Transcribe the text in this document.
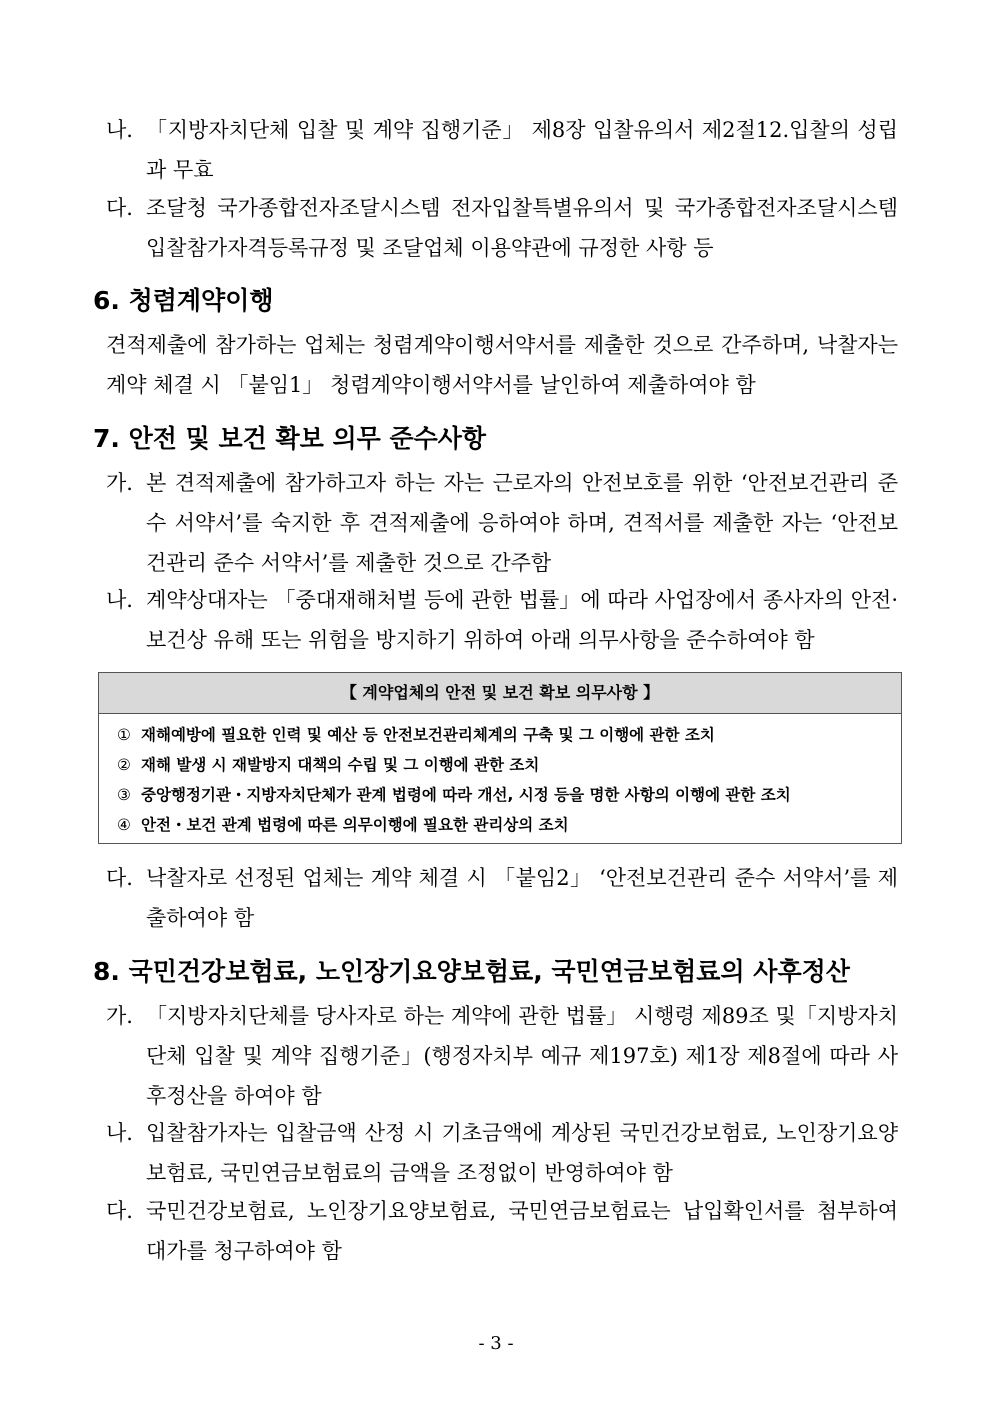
나. 「지방자치단체 입찰 및 계약 집행기준」 제8장 입찰유의서 제2절12.입찰의 성립과 무효
다. 조달청 국가종합전자조달시스템 전자입찰특별유의서 및 국가종합전자조달시스템 입찰참가자격등록규정 및 조달업체 이용약관에 규정한 사항 등
6. 청렴계약이행
견적제출에 참가하는 업체는 청렴계약이행서약서를 제출한 것으로 간주하며, 낙찰자는 계약 체결 시 「붙임1」 청렴계약이행서약서를 날인하여 제출하여야 함
7. 안전 및 보건 확보 의무 준수사항
가. 본 견적제출에 참가하고자 하는 자는 근로자의 안전보호를 위한 ‘안전보건관리 준수 서약서’를 숙지한 후 견적제출에 응하여야 하며, 견적서를 제출한 자는 ‘안전보건관리 준수 서약서’를 제출한 것으로 간주함
나. 계약상대자는 「중대재해처벌 등에 관한 법률」에 따라 사업장에서 종사자의 안전·보건상 유해 또는 위험을 방지하기 위하여 아래 의무사항을 준수하여야 함
【 계약업체의 안전 및 보건 확보 의무사항 】
① 재해예방에 필요한 인력 및 예산 등 안전보건관리체계의 구축 및 그 이행에 관한 조치
② 재해 발생 시 재발방지 대책의 수립 및 그 이행에 관한 조치
③ 중앙행정기관・지방자치단체가 관계 법령에 따라 개선, 시정 등을 명한 사항의 이행에 관한 조치
④ 안전・보건 관계 법령에 따른 의무이행에 필요한 관리상의 조치
다. 낙찰자로 선정된 업체는 계약 체결 시 「붙임2」 ‘안전보건관리 준수 서약서’를 제출하여야 함
8. 국민건강보험료, 노인장기요양보험료, 국민연금보험료의 사후정산
가. 「지방자치단체를 당사자로 하는 계약에 관한 법률」 시행령 제89조 및「지방자치단체 입찰 및 계약 집행기준」(행정자치부 예규 제197호) 제1장 제8절에 따라 사후정산을 하여야 함
나. 입찰참가자는 입찰금액 산정 시 기초금액에 계상된 국민건강보험료, 노인장기요양보험료, 국민연금보험료의 금액을 조정없이 반영하여야 함
다. 국민건강보험료, 노인장기요양보험료, 국민연금보험료는 납입확인서를 첨부하여 대가를 청구하여야 함
- 3 -
